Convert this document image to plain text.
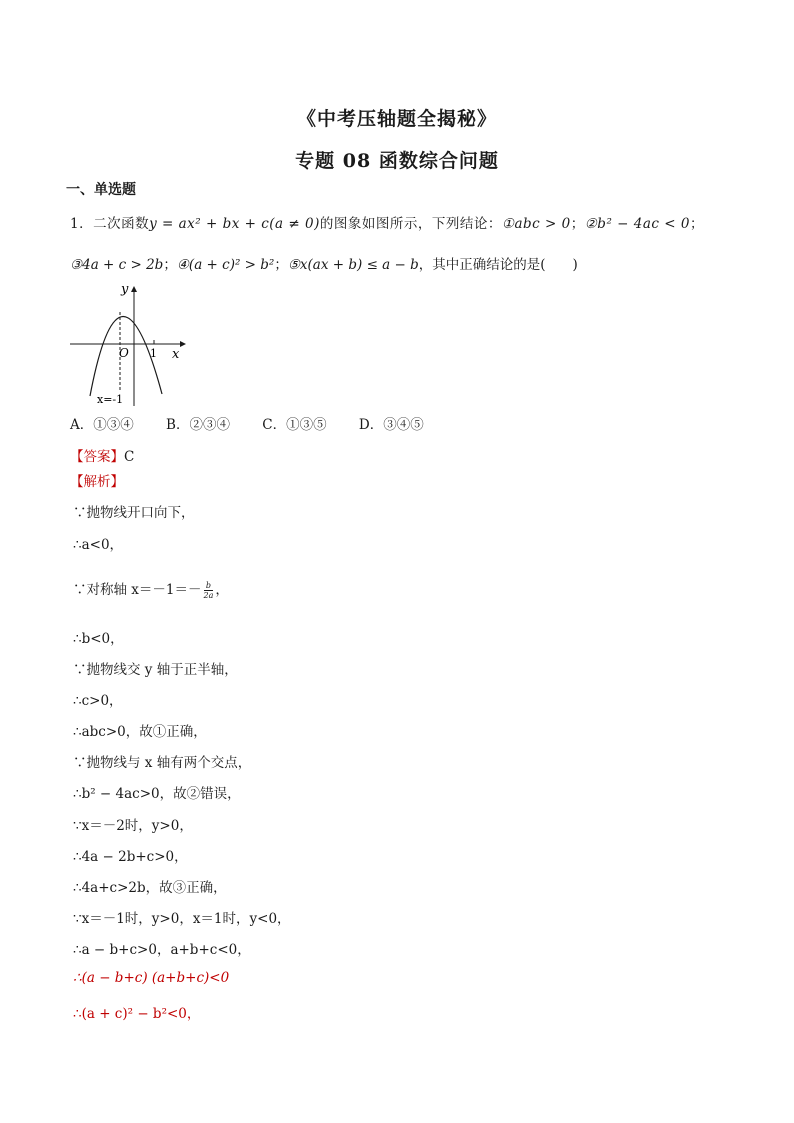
《中考压轴题全揭秘》
专题 08 函数综合问题
一、单选题
1．二次函数y = ax² + bx + c(a ≠ 0)的图象如图所示，下列结论：①abc > 0；②b² − 4ac < 0；
③4a + c > 2b；④(a + c)² > b²；⑤x(ax + b) ≤ a − b，其中正确结论的是(　　)
y
x
O 1
x=-1
A．①③④ B．②③④ C．①③⑤ D．③④⑤
【答案】C
【解析】
∵抛物线开口向下，
∴a<0，
∵对称轴 $x=-1=- \frac{b}{2a}$ ，
∴b<0，
∵抛物线交 y 轴于正半轴，
∴c>0，
∴abc>0，故①正确，
∵抛物线与 x 轴有两个交点，
∴b² − 4ac>0，故②错误，
∵x＝－2时，y>0，
∴4a − 2b+c>0，
∴4a+c>2b，故③正确，
∵x＝－1时，y>0，x＝1时，y<0，
∴a − b+c>0，a+b+c<0，
∴(a − b+c) (a+b+c)<0
∴(a + c)² − b²<0，
